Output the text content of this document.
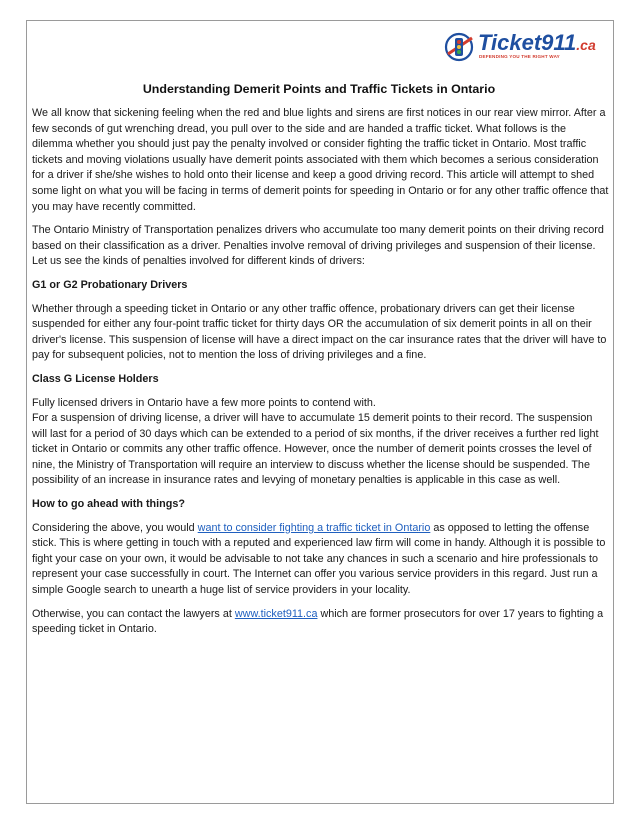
Ticket911.ca
DEFENDING YOU THE RIGHT WAY
Understanding Demerit Points and Traffic Tickets in Ontario

We all know that sickening feeling when the red and blue lights and sirens are first notices in our rear view mirror. After a few seconds of gut wrenching dread, you pull over to the side and are handed a traffic ticket. What follows is the dilemma whether you should just pay the penalty involved or consider fighting the traffic ticket in Ontario. Most traffic tickets and moving violations usually have demerit points associated with them which becomes a serious consideration for a driver if she/she wishes to hold onto their license and keep a good driving record. This article will attempt to shed some light on what you will be facing in terms of demerit points for speeding in Ontario or for any other traffic offence that you may have recently committed.

The Ontario Ministry of Transportation penalizes drivers who accumulate too many demerit points on their driving record based on their classification as a driver. Penalties involve removal of driving privileges and suspension of their license. Let us see the kinds of penalties involved for different kinds of drivers:

G1 or G2 Probationary Drivers

Whether through a speeding ticket in Ontario or any other traffic offence, probationary drivers can get their license suspended for either any four-point traffic ticket for thirty days OR the accumulation of six demerit points in all on their driver's license. This suspension of license will have a direct impact on the car insurance rates that the driver will have to pay for subsequent policies, not to mention the loss of driving privileges and a fine.

Class G License Holders

Fully licensed drivers in Ontario have a few more points to contend with.
For a suspension of driving license, a driver will have to accumulate 15 demerit points to their record. The suspension will last for a period of 30 days which can be extended to a period of six months, if the driver receives a further red light ticket in Ontario or commits any other traffic offence. However, once the number of demerit points crosses the level of nine, the Ministry of Transportation will require an interview to discuss whether the license should be suspended. The possibility of an increase in insurance rates and levying of monetary penalties is applicable in this case as well.

How to go ahead with things?

Considering the above, you would want to consider fighting a traffic ticket in Ontario as opposed to letting the offense stick. This is where getting in touch with a reputed and experienced law firm will come in handy. Although it is possible to fight your case on your own, it would be advisable to not take any chances in such a scenario and hire professionals to represent your case successfully in court. The Internet can offer you various service providers in this regard. Just run a simple Google search to unearth a huge list of service providers in your locality.

Otherwise, you can contact the lawyers at www.ticket911.ca which are former prosecutors for over 17 years to fighting a speeding ticket in Ontario.
